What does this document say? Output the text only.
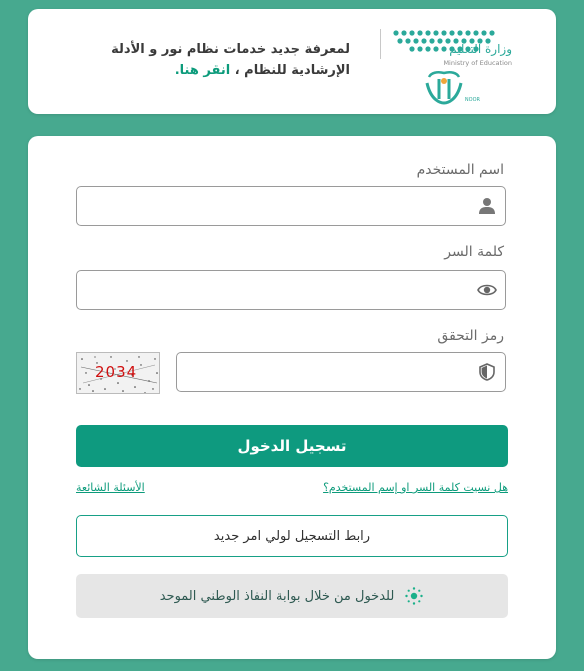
وزارة التعليم
Ministry of Education
NOOR
لمعرفة جديد خدمات نظام نور و الأدلة الإرشادية للنظام ، انقر هنا.
اسم المستخدم
كلمة السر
رمز التحقق
2034
تسجيل الدخول
هل نسيت كلمة السر او إسم المستخدم؟
الأسئلة الشائعة
رابط التسجيل لولي امر جديد
للدخول من خلال بوابة النفاذ الوطني الموحد
